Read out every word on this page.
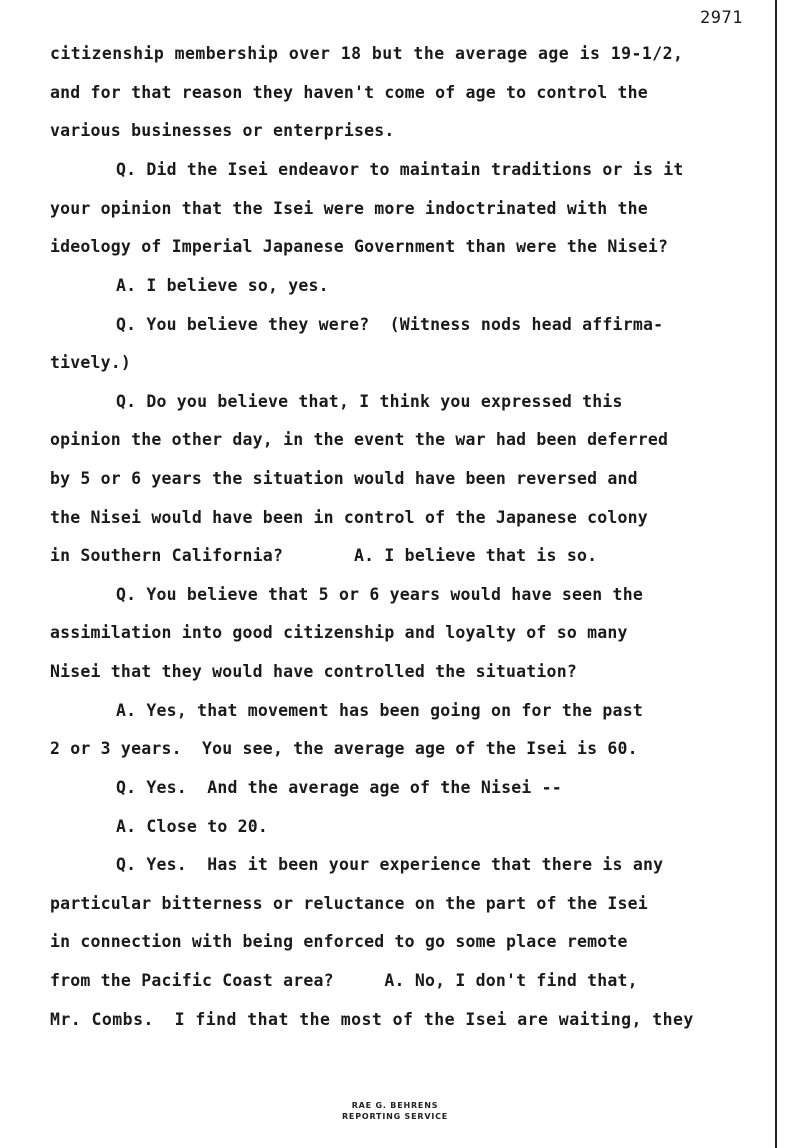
2971
citizenship membership over 18 but the average age is 19-1/2,
and for that reason they haven't come of age to control the
various businesses or enterprises.
Q. Did the Isei endeavor to maintain traditions or is it
your opinion that the Isei were more indoctrinated with the
ideology of Imperial Japanese Government than were the Nisei?
A. I believe so, yes.
Q. You believe they were?  (Witness nods head affirma-
tively.)
Q. Do you believe that, I think you expressed this
opinion the other day, in the event the war had been deferred
by 5 or 6 years the situation would have been reversed and
the Nisei would have been in control of the Japanese colony
in Southern California?       A. I believe that is so.
Q. You believe that 5 or 6 years would have seen the
assimilation into good citizenship and loyalty of so many
Nisei that they would have controlled the situation?
A. Yes, that movement has been going on for the past
2 or 3 years.  You see, the average age of the Isei is 60.
Q. Yes.  And the average age of the Nisei --
A. Close to 20.
Q. Yes.  Has it been your experience that there is any
particular bitterness or reluctance on the part of the Isei
in connection with being enforced to go some place remote
from the Pacific Coast area?     A. No, I don't find that,
Mr. Combs.  I find that the most of the Isei are waiting, they
RAE G. BEHRENS
REPORTING SERVICE
